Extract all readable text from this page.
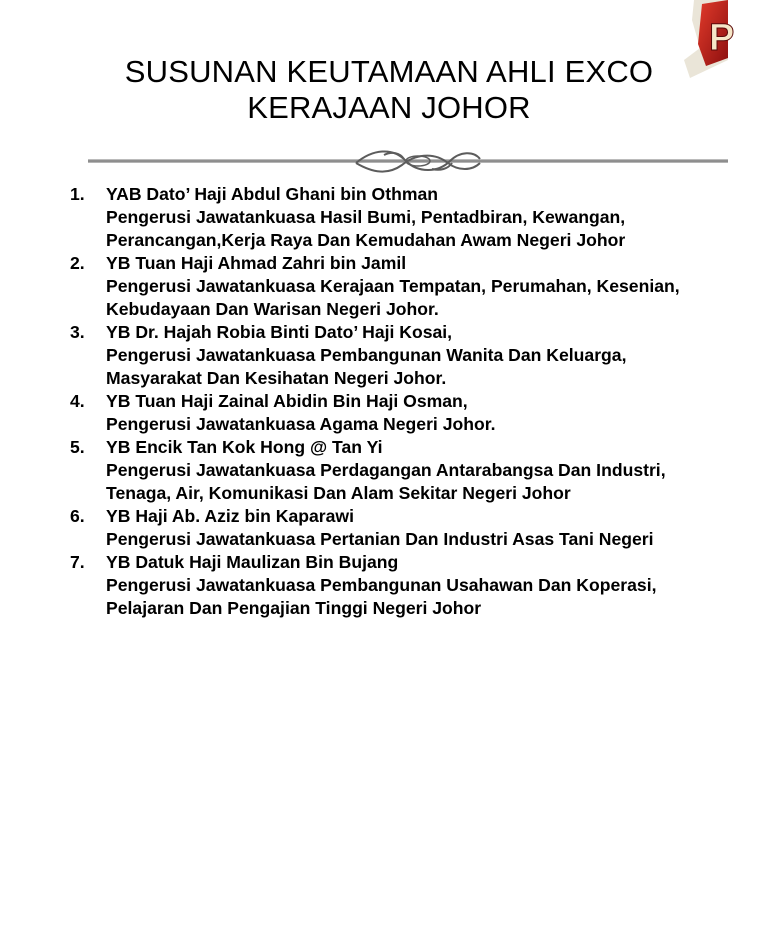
SUSUNAN KEUTAMAAN AHLI EXCO
KERAJAAN JOHOR
P
1. YAB Dato’ Haji Abdul Ghani bin Othman
Pengerusi Jawatankuasa Hasil Bumi, Pentadbiran, Kewangan,
Perancangan,Kerja Raya Dan Kemudahan Awam Negeri Johor
2. YB Tuan Haji Ahmad Zahri bin Jamil
Pengerusi Jawatankuasa Kerajaan Tempatan, Perumahan, Kesenian,
Kebudayaan Dan Warisan Negeri Johor.
3. YB Dr. Hajah Robia Binti Dato’ Haji Kosai,
Pengerusi Jawatankuasa Pembangunan Wanita Dan Keluarga,
Masyarakat Dan Kesihatan Negeri Johor.
4. YB Tuan Haji Zainal Abidin Bin Haji Osman,
Pengerusi Jawatankuasa Agama Negeri Johor.
5. YB Encik Tan Kok Hong @ Tan Yi
Pengerusi Jawatankuasa Perdagangan Antarabangsa Dan Industri,
Tenaga, Air, Komunikasi Dan Alam Sekitar Negeri Johor
6. YB Haji Ab. Aziz bin Kaparawi
Pengerusi Jawatankuasa Pertanian Dan Industri Asas Tani Negeri
7. YB Datuk Haji Maulizan Bin Bujang
Pengerusi Jawatankuasa Pembangunan Usahawan Dan Koperasi,
Pelajaran Dan Pengajian Tinggi Negeri Johor
